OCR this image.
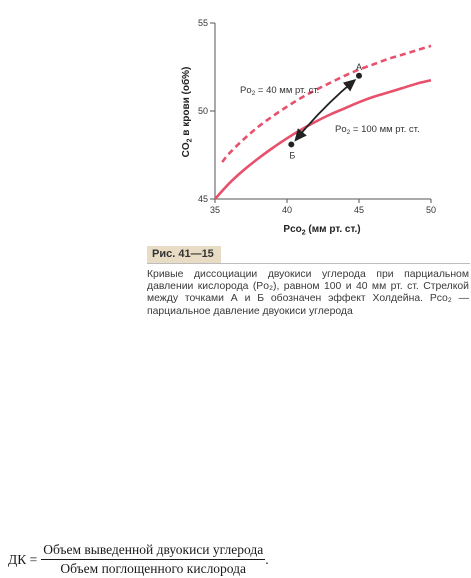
35	40	45	50
45
50
55
А
Б
$Po_2 = 40$ мм рт. ст.
$Po_2 = 100$ мм рт. ст.
Pco$_2$ (мм рт. ст.)
$CO_2$ в крови (об%)
Рис. 41—15

Кривые диссоциации двуокиси углерода при парциальном давлении кислорода (Po₂), равном 100 и 40 мм рт. ст. Стрелкой между точками А и Б обозначен эффект Холдейна. Pco₂ — парциальное давление двуокиси углерода

ДК = $\frac{\text{Объем выведенной двуокиси углерода}}{\text{Объем поглощенного кислорода}}$ .
